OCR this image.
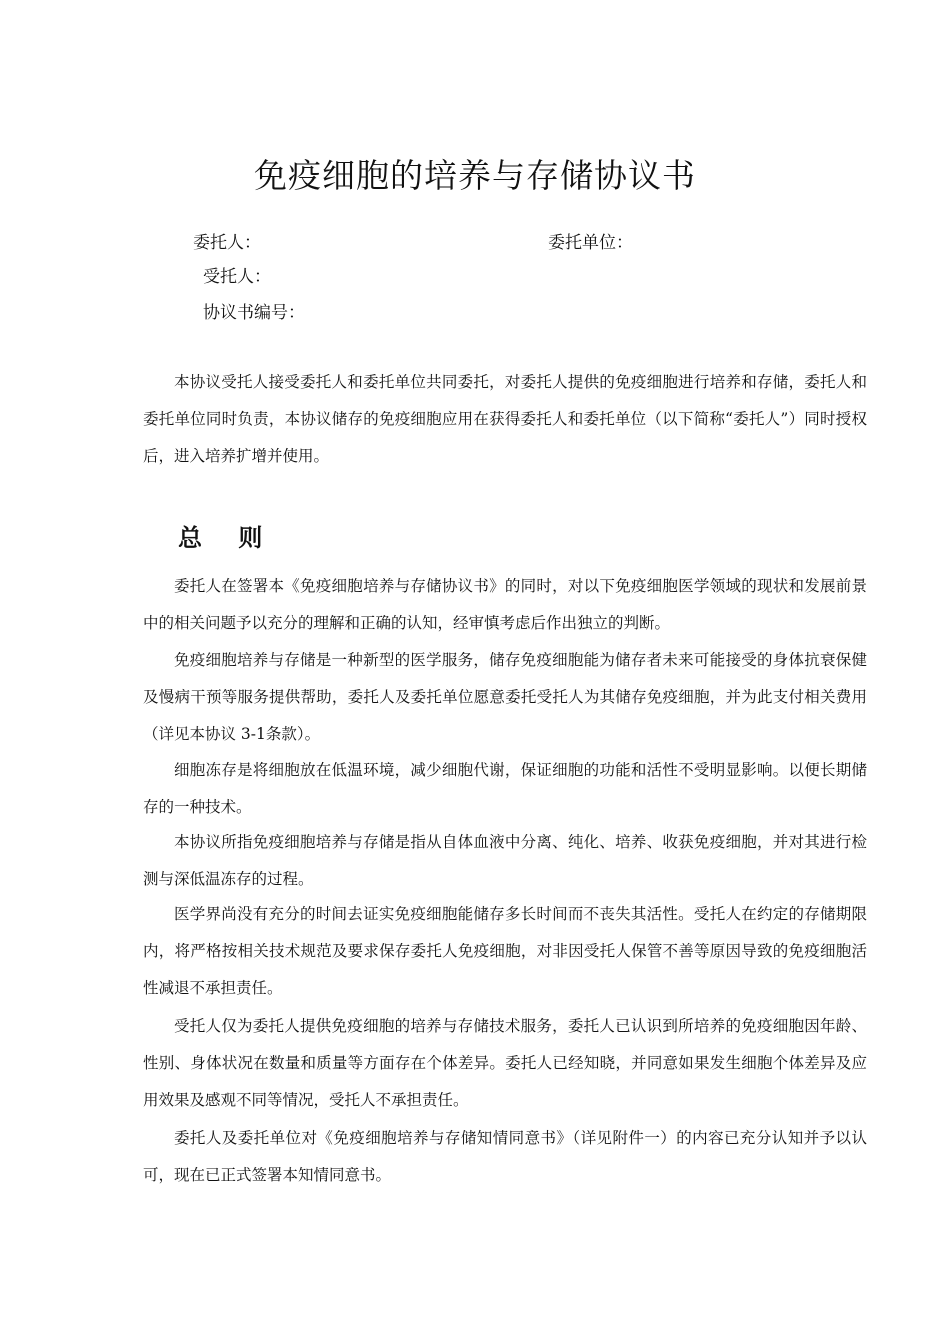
免疫细胞的培养与存储协议书
委托人：	委托单位：
受托人：
协议书编号：

本协议受托人接受委托人和委托单位共同委托，对委托人提供的免疫细胞进行培养和存储，委托人和委托单位同时负责，本协议储存的免疫细胞应用在获得委托人和委托单位（以下简称“委托人”）同时授权后，进入培养扩增并使用。

总 则

委托人在签署本《免疫细胞培养与存储协议书》的同时，对以下免疫细胞医学领域的现状和发展前景中的相关问题予以充分的理解和正确的认知，经审慎考虑后作出独立的判断。

免疫细胞培养与存储是一种新型的医学服务，储存免疫细胞能为储存者未来可能接受的身体抗衰保健及慢病干预等服务提供帮助，委托人及委托单位愿意委托受托人为其储存免疫细胞，并为此支付相关费用（详见本协议 3-1条款）。

细胞冻存是将细胞放在低温环境，减少细胞代谢，保证细胞的功能和活性不受明显影响。以便长期储存的一种技术。

本协议所指免疫细胞培养与存储是指从自体血液中分离、纯化、培养、收获免疫细胞，并对其进行检测与深低温冻存的过程。

医学界尚没有充分的时间去证实免疫细胞能储存多长时间而不丧失其活性。受托人在约定的存储期限内，将严格按相关技术规范及要求保存委托人免疫细胞，对非因受托人保管不善等原因导致的免疫细胞活性减退不承担责任。

受托人仅为委托人提供免疫细胞的培养与存储技术服务，委托人已认识到所培养的免疫细胞因年龄、性别、身体状况在数量和质量等方面存在个体差异。委托人已经知晓，并同意如果发生细胞个体差异及应用效果及感观不同等情况，受托人不承担责任。

委托人及委托单位对《免疫细胞培养与存储知情同意书》（详见附件一）的内容已充分认知并予以认可，现在已正式签署本知情同意书。
